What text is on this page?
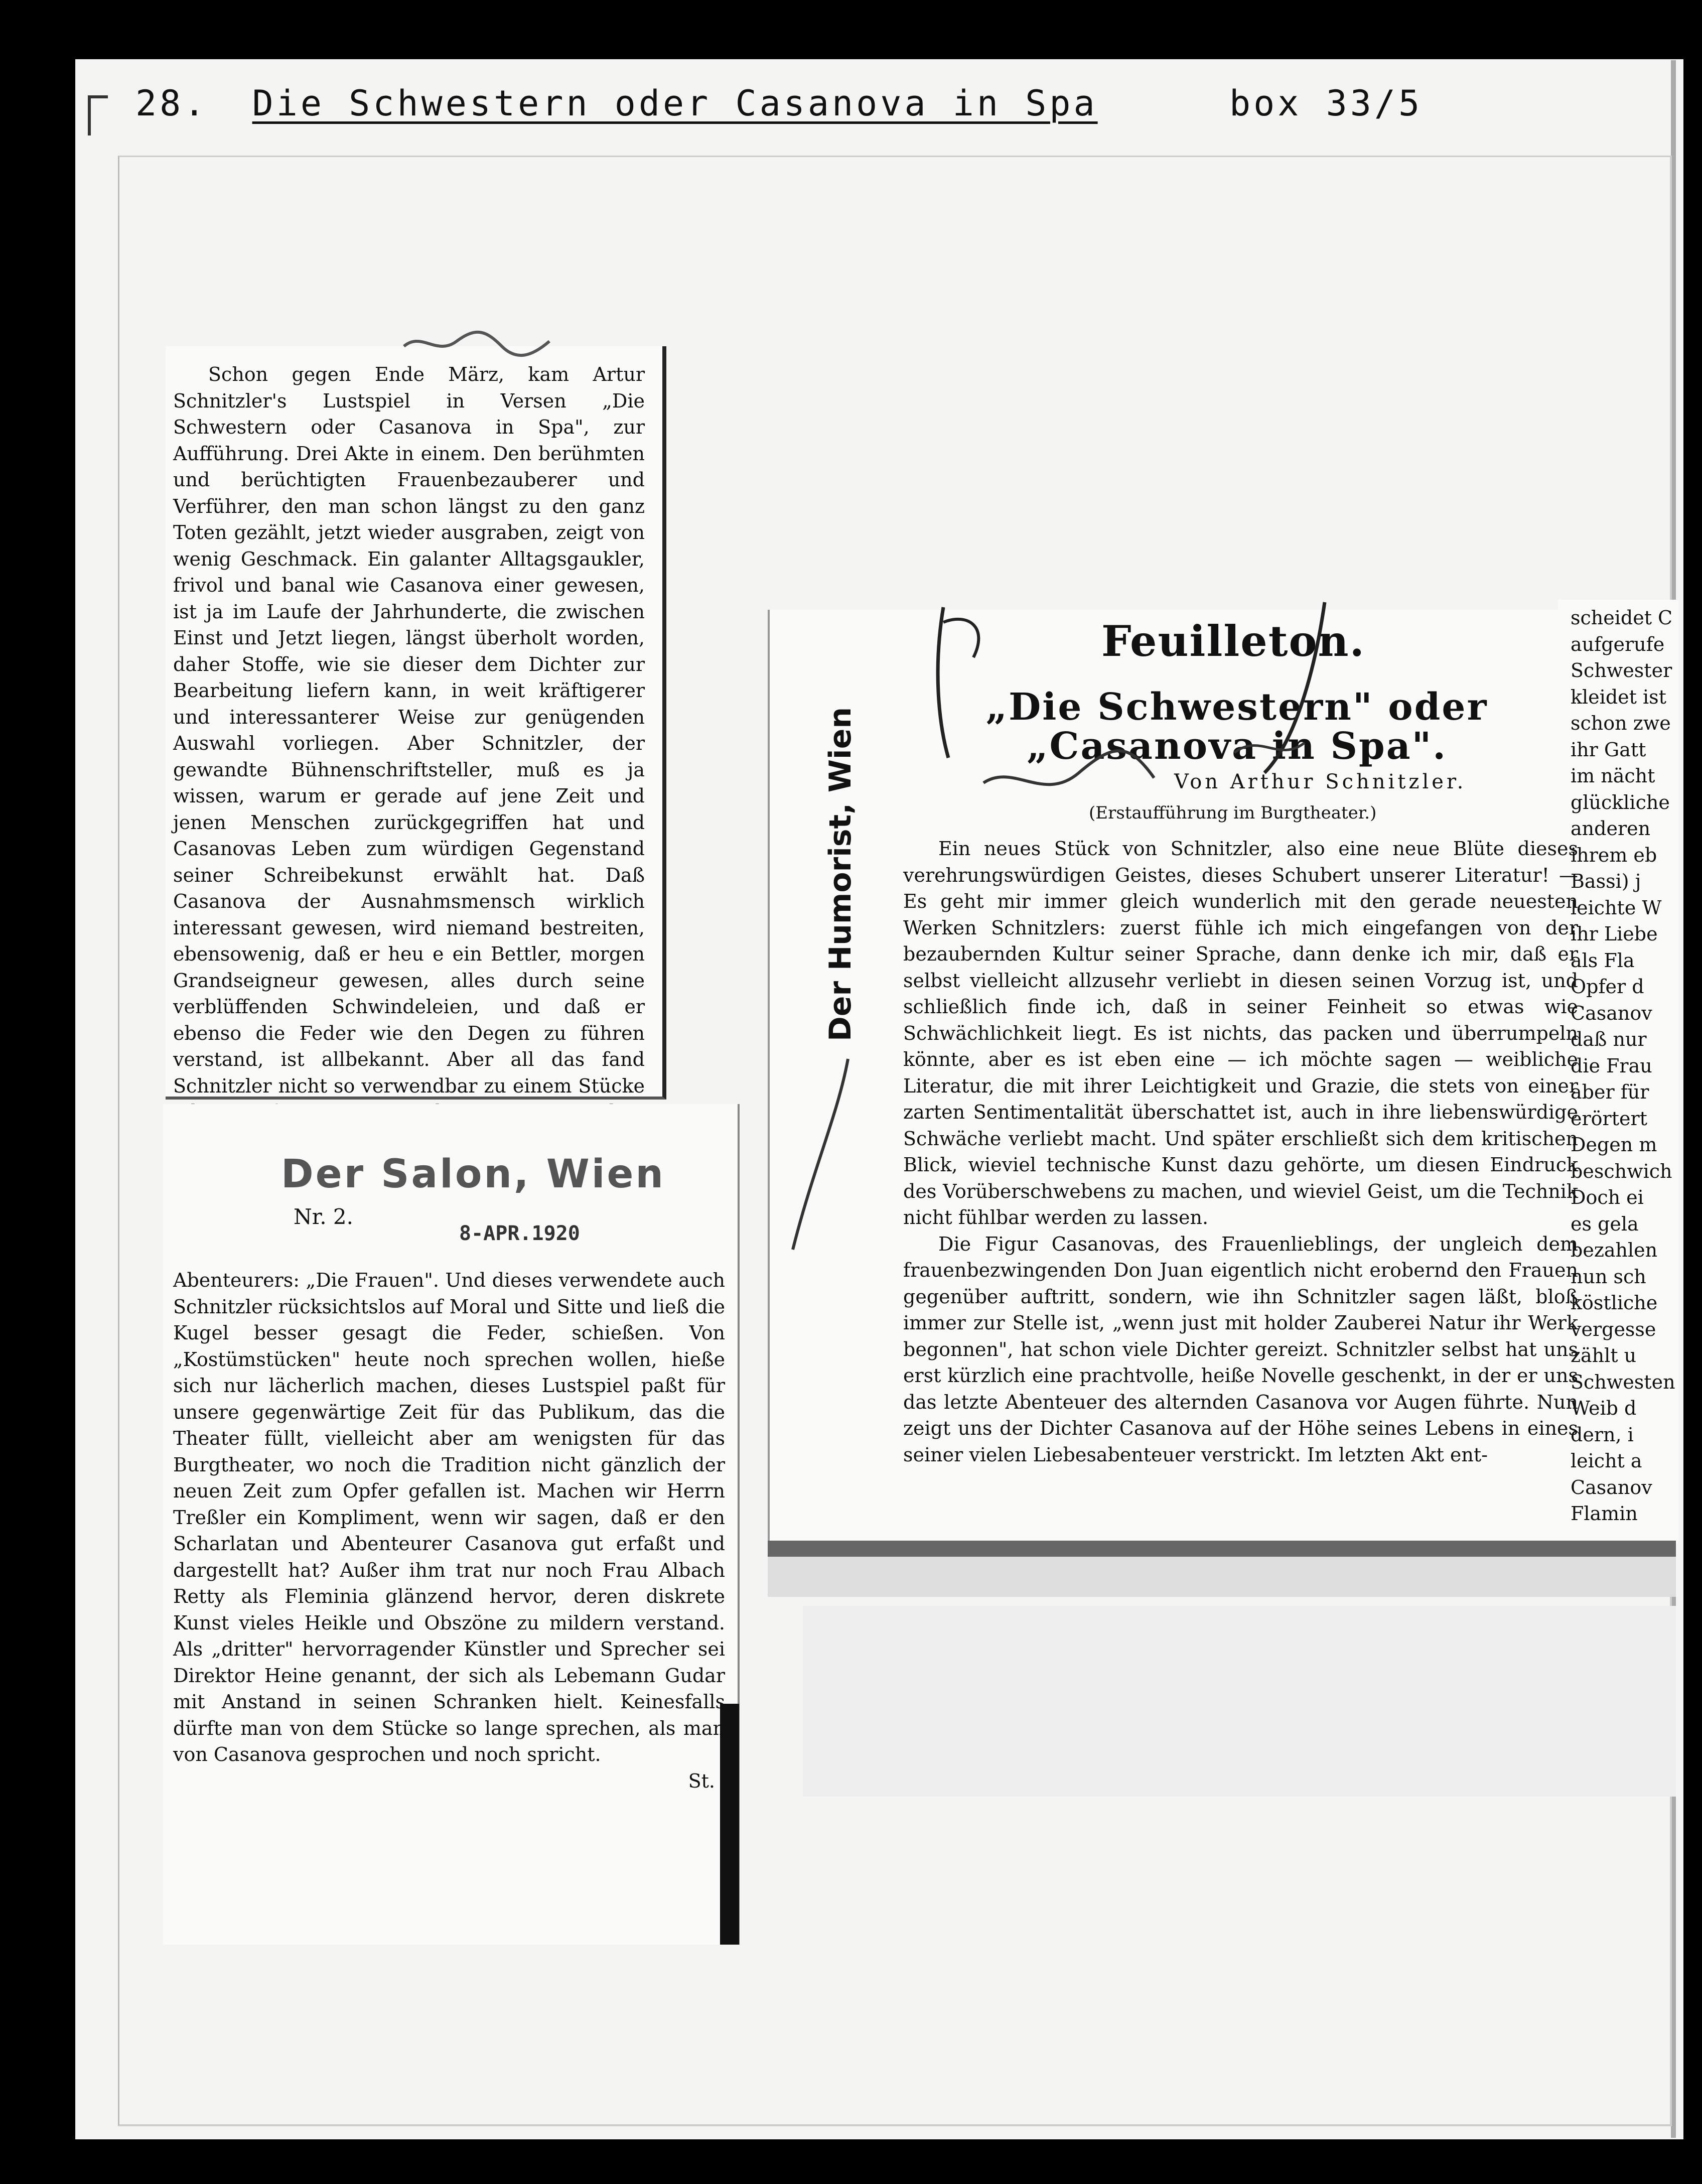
28. Die Schwestern oder Casanova in Spa	box 33/5

Schon gegen Ende März, kam Artur Schnitzler's Lustspiel in Versen „Die Schwestern oder Casanova in Spa", zur Aufführung. Drei Akte in einem. Den berühmten und berüchtigten Frauenbezauberer und Verführer, den man schon längst zu den ganz Toten gezählt, jetzt wieder ausgraben, zeigt von wenig Geschmack. Ein galanter Alltagsgaukler, frivol und banal wie Casanova einer gewesen, ist ja im Laufe der Jahrhunderte, die zwischen Einst und Jetzt liegen, längst überholt worden, daher Stoffe, wie sie dieser dem Dichter zur Bearbeitung liefern kann, in weit kräftigerer und interessanterer Weise zur genügenden Auswahl vorliegen. Aber Schnitzler, der gewandte Bühnenschriftsteller, muß es ja wissen, warum er gerade auf jene Zeit und jenen Menschen zurückgegriffen hat und Casanovas Leben zum würdigen Gegenstand seiner Schreibekunst erwählt hat. Daß Casanova der Ausnahmsmensch wirklich interessant gewesen, wird niemand bestreiten, ebensowenig, daß er heu e ein Bettler, morgen Grandseigneur gewesen, alles durch seine verblüffenden Schwindeleien, und daß er ebenso die Feder wie den Degen zu führen verstand, ist allbekannt. Aber all das fand Schnitzler nicht so verwendbar zu einem Stücke

Der Salon, Wien
Nr. 2.
8-APR.1920

Abenteurers: „Die Frauen". Und dieses verwendete auch Schnitzler rücksichtslos auf Moral und Sitte und ließ die Kugel besser gesagt die Feder, schießen. Von „Kostümstücken" heute noch sprechen wollen, hieße sich nur lächerlich machen, dieses Lustspiel paßt für unsere gegenwärtige Zeit für das Publikum, das die Theater füllt, vielleicht aber am wenigsten für das Burgtheater, wo noch die Tradition nicht gänzlich der neuen Zeit zum Opfer gefallen ist. Machen wir Herrn Treßler ein Kompliment, wenn wir sagen, daß er den Scharlatan und Abenteurer Casanova gut erfaßt und dargestellt hat? Außer ihm trat nur noch Frau Albach Retty als Fleminia glänzend hervor, deren diskrete Kunst vieles Heikle und Obszöne zu mildern verstand. Als „dritter" hervorragender Künstler und Sprecher sei Direktor Heine genannt, der sich als Lebemann Gudar mit Anstand in seinen Schranken hielt. Keinesfalls dürfte man von dem Stücke so lange sprechen, als man von Casanova gesprochen und noch spricht.

St.

Der Humorist, Wien
Feuilleton.
„Die Schwestern" oder „Casanova in Spa".
Von Arthur Schnitzler.
(Erstaufführung im Burgtheater.)

Ein neues Stück von Schnitzler, also eine neue Blüte dieses verehrungswürdigen Geistes, dieses Schubert unserer Literatur! — Es geht mir immer gleich wunderlich mit den gerade neuesten Werken Schnitzlers: zuerst fühle ich mich eingefangen von der bezaubernden Kultur seiner Sprache, dann denke ich mir, daß er selbst vielleicht allzusehr verliebt in diesen seinen Vorzug ist, und schließlich finde ich, daß in seiner Feinheit so etwas wie Schwächlichkeit liegt. Es ist nichts, das packen und überrumpeln könnte, aber es ist eben eine — ich möchte sagen — weibliche Literatur, die mit ihrer Leichtigkeit und Grazie, die stets von einer zarten Sentimentalität überschattet ist, auch in ihre liebenswürdige Schwäche verliebt macht. Und später erschließt sich dem kritischen Blick, wieviel technische Kunst dazu gehörte, um diesen Eindruck des Vorüberschwebens zu machen, und wieviel Geist, um die Technik nicht fühlbar werden zu lassen.

Die Figur Casanovas, des Frauenlieblings, der ungleich dem frauenbezwingenden Don Juan eigentlich nicht erobernd den Frauen gegenüber auftritt, sondern, wie ihn Schnitzler sagen läßt, bloß immer zur Stelle ist, „wenn just mit holder Zauberei Natur ihr Werk begonnen", hat schon viele Dichter gereizt. Schnitzler selbst hat uns erst kürzlich eine prachtvolle, heiße Novelle geschenkt, in der er uns das letzte Abenteuer des alternden Casanova vor Augen führte. Nun zeigt uns der Dichter Casanova auf der Höhe seines Lebens in eines seiner vielen Liebesabenteuer verstrickt. Im letzten Akt ent-

scheidet C

aufgerufe

Schwester

kleidet ist

schon zwe

ihr Gatt

im nächt

glückliche

anderen

ihrem eb

Bassi) j

leichte W

ihr Liebe

als Fla

Opfer d

Casanov

daß nur

die Frau

aber für

erörtert

Degen m

beschwich

Doch ei

es gela

bezahlen

nun sch

köstliche

vergesse

zählt u

Schwesten

Weib d

dern, i

leicht a

Casanov

Flamin
